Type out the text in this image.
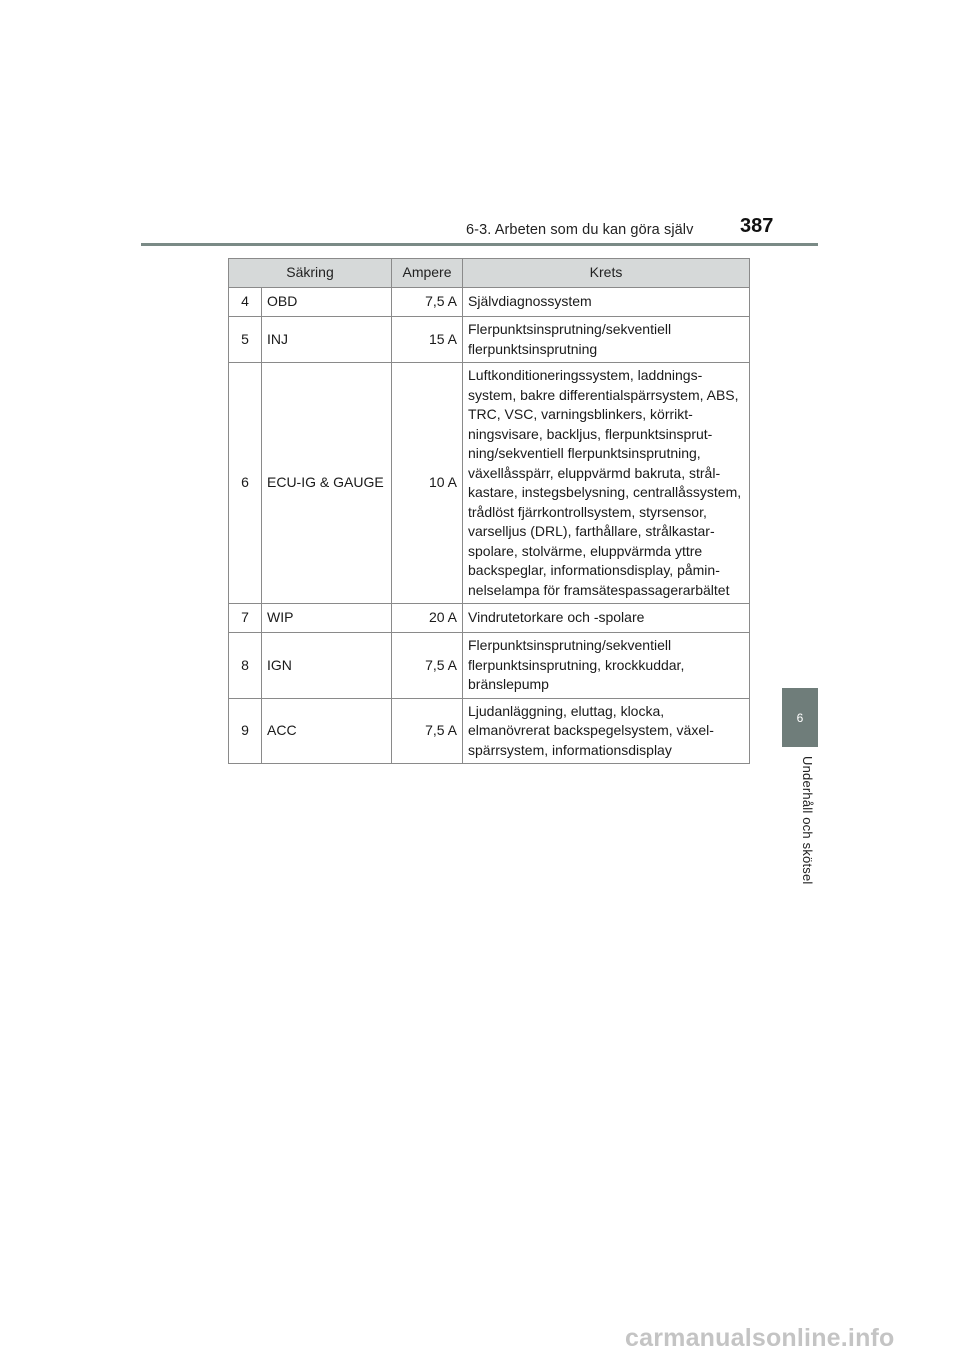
6-3. Arbeten som du kan göra själv 387
6
Underhåll och skötsel
Säkring		Ampere	Krets
4	OBD	7,5 A	Självdiagnossystem
5	INJ	15 A	Flerpunktsinsprutning/sekventiell flerpunktsinsprutning
6	ECU-IG & GAUGE	10 A	Luftkonditioneringssystem, laddnings-system, bakre differentialspärrsystem, ABS, TRC, VSC, varningsblinkers, körrikt-ningsvisare, backljus, flerpunktsinsprut-ning/sekventiell flerpunktsinsprutning, växellåsspärr, eluppvärmd bakruta, strål-kastare, instegsbelysning, centrallåssystem, trådlöst fjärrkontrollsystem, styrsensor, varselljus (DRL), farthållare, strålkastar-spolare, stolvärme, eluppvärmda yttre backspeglar, informationsdisplay, påmin-nelselampa för framsätespassagerarbältet
7	WIP	20 A	Vindrutetorkare och -spolare
8	IGN	7,5 A	Flerpunktsinsprutning/sekventiell flerpunktsinsprutning, krockkuddar, bränslepump
9	ACC	7,5 A	Ljudanläggning, eluttag, klocka, elmanövrerat backspegelsystem, växel-spärrsystem, informationsdisplay
carmanualsonline.info
